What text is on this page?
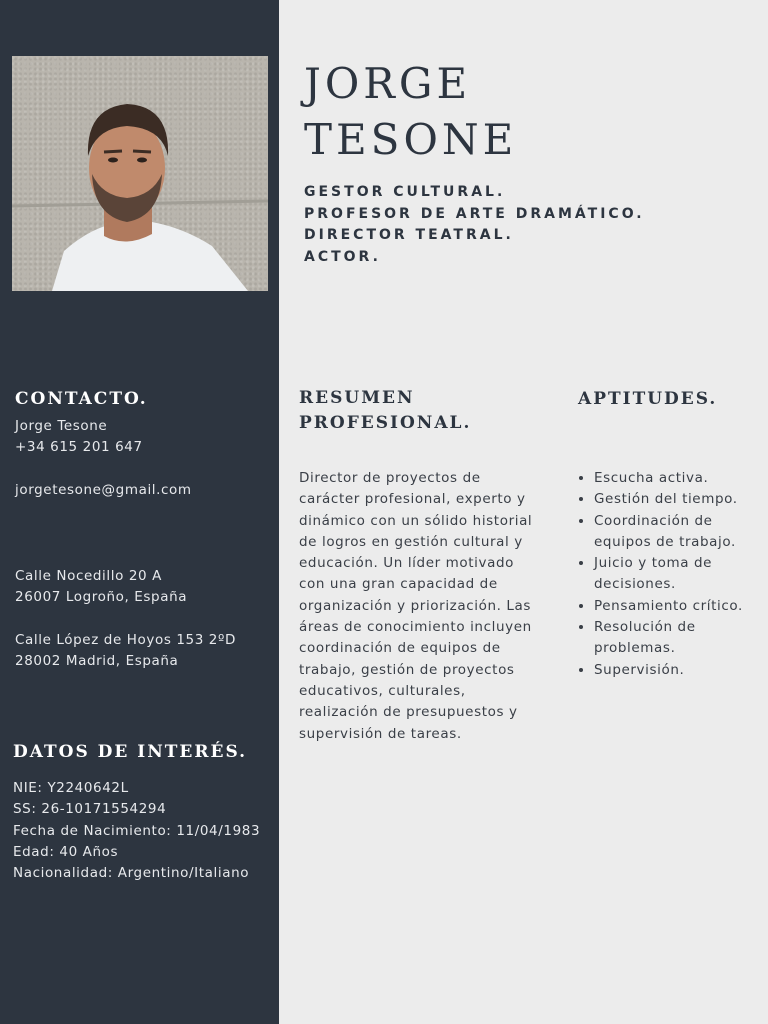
JORGE
TESONE
GESTOR CULTURAL.
PROFESOR DE ARTE DRAMÁTICO.
DIRECTOR TEATRAL.
ACTOR.
CONTACTO.
Jorge Tesone
+34 615 201 647
jorgetesone@gmail.com
Calle Nocedillo 20 A
26007 Logroño, España
Calle López de Hoyos 153 2ºD
28002 Madrid, España
DATOS DE INTERÉS.
NIE: Y2240642L
SS: 26-10171554294
Fecha de Nacimiento: 11/04/1983
Edad: 40 Años
Nacionalidad: Argentino/Italiano
RESUMEN
PROFESIONAL.

Director de proyectos de carácter profesional, experto y dinámico con un sólido historial de logros en gestión cultural y educación. Un líder motivado con una gran capacidad de organización y priorización. Las áreas de conocimiento incluyen coordinación de equipos de trabajo, gestión de proyectos educativos, culturales, realización de presupuestos y supervisión de tareas.

APTITUDES.
• Escucha activa.
• Gestión del tiempo.
• Coordinación de equipos de trabajo.
• Juicio y toma de decisiones.
• Pensamiento crítico.
• Resolución de problemas.
• Supervisión.
